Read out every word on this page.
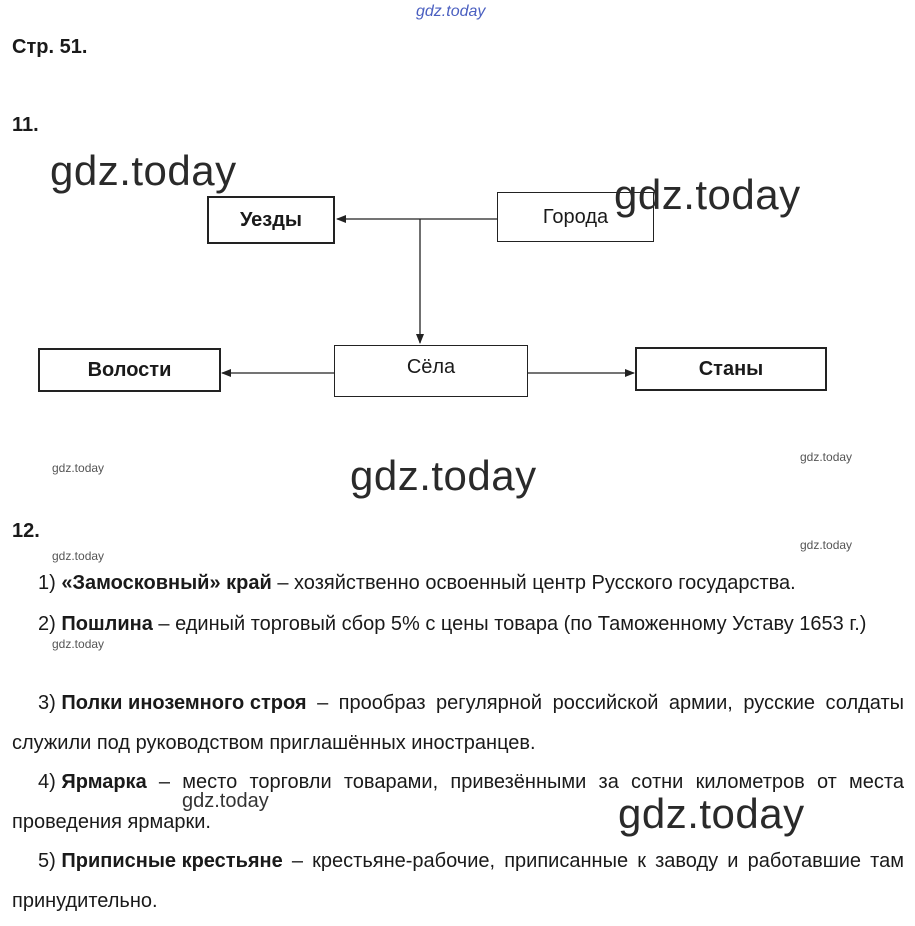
gdz.today
Стр. 51.
11.
gdz.today
Уезды	Города
Волости	Сёла	Станы
gdz.today
gdz.today	gdz.today	gdz.today
12.
gdz.today
gdz.today

1) «Замосковный» край – хозяйственно освоенный центр Русского государства.

2) Пошлина – единый торговый сбор 5% с цены товара (по Таможенному Уставу 1653 г.)

gdz.today

3) Полки иноземного строя – прообраз регулярной российской армии, русские солдаты служили под руководством приглашённых иностранцев.

4) Ярмарка – место торговли товарами, привезёнными за сотни километров от места проведения ярмарки.

gdz.today	gdz.today

5) Приписные крестьяне – крестьяне-рабочие, приписанные к заводу и работавшие там принудительно.
